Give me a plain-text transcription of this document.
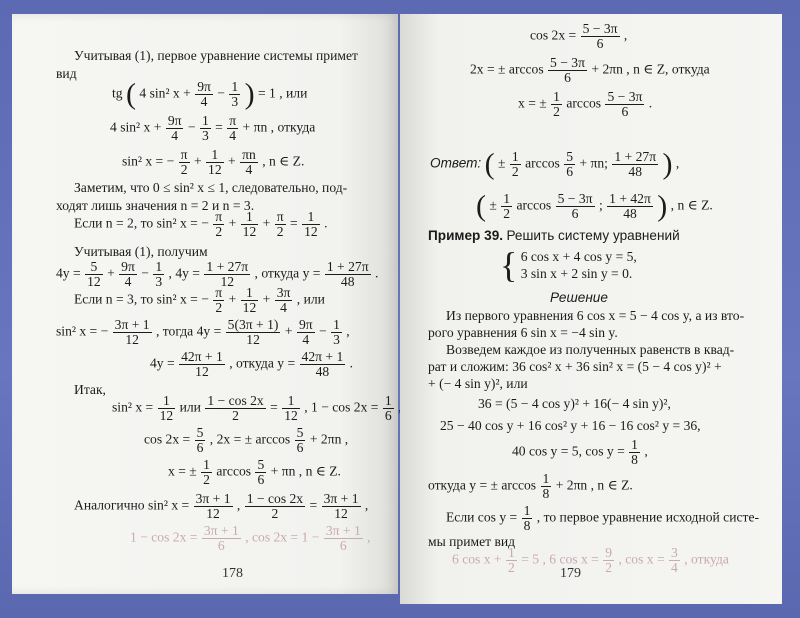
Учитывая (1), первое уравнение системы примет
вид
tg ( 4 sin² $x + \frac{9\pi}{4} - \frac{1}{3}$ ) = 1 , или
4 sin² $x + \frac{9\pi}{4} - \frac{1}{3} = \frac{\pi}{4} + \pi n$ , откуда
sin² x = − $\frac{\pi}{2} + \frac{1}{12} + \frac{\pi n}{4}$ , n ∈ Z.
Заметим, что 0 ≤ sin² x ≤ 1, следовательно, под-
ходят лишь значения n = 2 и n = 3.
Если n = 2, то sin² x = − $\frac{\pi}{2} + \frac{1}{12} + \frac{\pi}{2} = \frac{1}{12}$ .
Учитывая (1), получим
$4y = \frac{5}{12} + \frac{9\pi}{4} - \frac{1}{3}$ , $4y = \frac{1 + 27\pi}{12}$ , откуда $y = \frac{1 + 27\pi}{48}$ .
Если n = 3, то sin² x = − $\frac{\pi}{2} + \frac{1}{12} + \frac{3\pi}{4}$ , или
sin² x = − $\frac{3\pi + 1}{12}$ , тогда $4y = \frac{5(3\pi + 1)}{12} + \frac{9\pi}{4} - \frac{1}{3}$ ,
$4y = \frac{42\pi + 1}{12}$ , откуда $y = \frac{42\pi + 1}{48}$ .
Итак,
sin² $x = \frac{1}{12}$ или $\frac{1 - \cos 2x}{2} = \frac{1}{12}$ , $1 - \cos 2x = \frac{1}{6}$
$\cos 2x = \frac{5}{6}$ , 2x = ± $\arccos \frac{5}{6} + 2\pi n$ ,
x = ± $\frac{1}{2}$ $\arccos \frac{5}{6} + \pi n$ , n ∈ Z.
Аналогично sin² $x = \frac{3\pi + 1}{12}$ , $\frac{1 - \cos 2x}{2} = \frac{3\pi + 1}{12}$ ,
$1 - \cos 2x = \frac{3\pi + 1}{6}$ , $\cos 2x = 1 - \frac{3\pi + 1}{6}$ ,
178
$\cos 2x = \frac{5 - 3\pi}{6}$ ,
2x = ± $\arccos \frac{5 - 3\pi}{6} + 2\pi n$ , n ∈ Z, откуда
x = ± $\frac{1}{2}$ $\arccos \frac{5 - 3\pi}{6}$ .
Ответ: ( ± $\frac{1}{2}$ $\arccos \frac{5}{6} + \pi n$; $\frac{1 + 27\pi}{48}$ ) ,
( ± $\frac{1}{2}$ $\arccos \frac{5 - 3\pi}{6}$ ; $\frac{1 + 42\pi}{48}$ ) , n ∈ Z.
Пример 39. Решить систему уравнений
{ 6 cos x + 4 cos y = 5,
3 sin x + 2 sin y = 0.
Решение
Из первого уравнения 6 cos x = 5 − 4 cos y, а из вто-
рого уравнения 6 sin x = −4 sin y.
Возведем каждое из полученных равенств в квад-
рат и сложим: 36 cos² x + 36 sin² x = (5 − 4 cos y)² +
+ (− 4 sin y)², или
36 = (5 − 4 cos y)² + 16(− 4 sin y)²,
25 − 40 cos y + 16 cos² y + 16 − 16 cos² y = 36,
40 cos y = 5, $\cos y = \frac{1}{8}$ ,
откуда y = ± $\arccos \frac{1}{8} + 2\pi n$ , n ∈ Z.
Если $\cos y = \frac{1}{8}$ , то первое уравнение исходной систе-
мы примет вид
6 $\cos x + \frac{1}{2} = 5$ , 6 $\cos x = \frac{9}{2}$ , $\cos x = \frac{3}{4}$ , откуда
179
